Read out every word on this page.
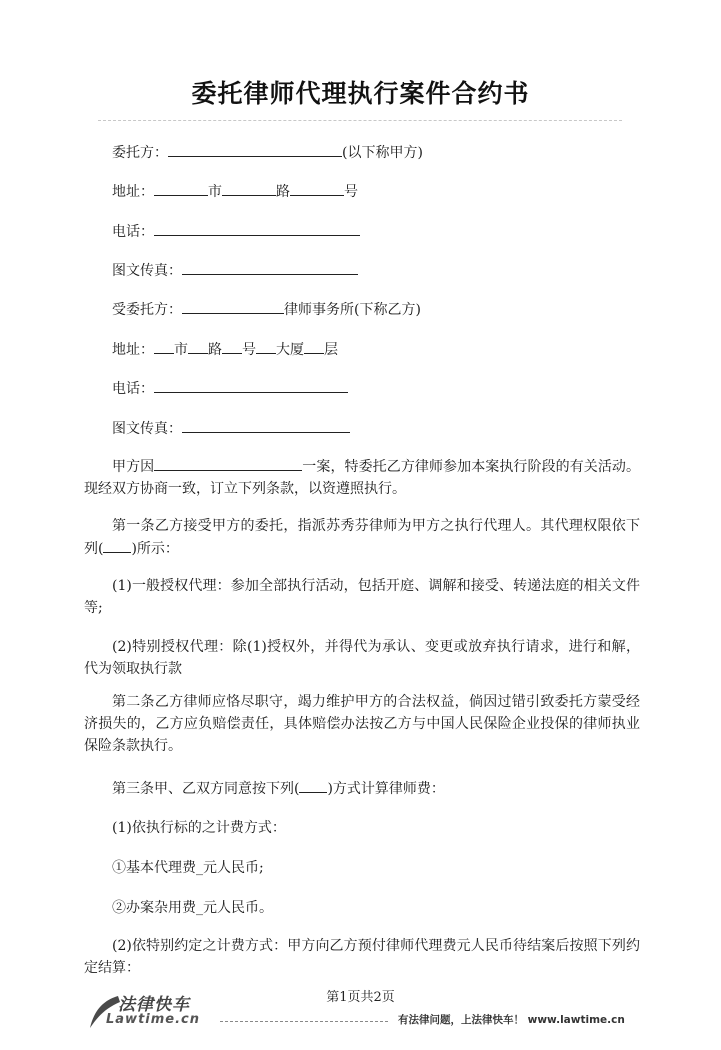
委托律师代理执行案件合约书
委托方：	(以下称甲方)
地址：	市	路	号
电话：
图文传真：
受委托方：	律师事务所(下称乙方)
地址： 市 路 号 大厦 层
电话：
图文传真：
甲方因	一案，特委托乙方律师参加本案执行阶段的有关活动。现经双方协商一致，订立下列条款，以资遵照执行。
第一条乙方接受甲方的委托，指派苏秀芬律师为甲方之执行代理人。其代理权限依下列( )所示：
(1)一般授权代理：参加全部执行活动，包括开庭、调解和接受、转递法庭的相关文件等;
(2)特别授权代理：除(1)授权外，并得代为承认、变更或放弃执行请求，进行和解，代为领取执行款
第二条乙方律师应恪尽职守，竭力维护甲方的合法权益，倘因过错引致委托方蒙受经济损失的，乙方应负赔偿责任，具体赔偿办法按乙方与中国人民保险企业投保的律师执业保险条款执行。
第三条甲、乙双方同意按下列( )方式计算律师费：
(1)依执行标的之计费方式：
①基本代理费_元人民币;
②办案杂用费_元人民币。
(2)依特别约定之计费方式：甲方向乙方预付律师代理费元人民币待结案后按照下列约定结算：
第1页共2页
法律快车
Lawtime.cn	有法律问题，上法律快车！ www.lawtime.cn
